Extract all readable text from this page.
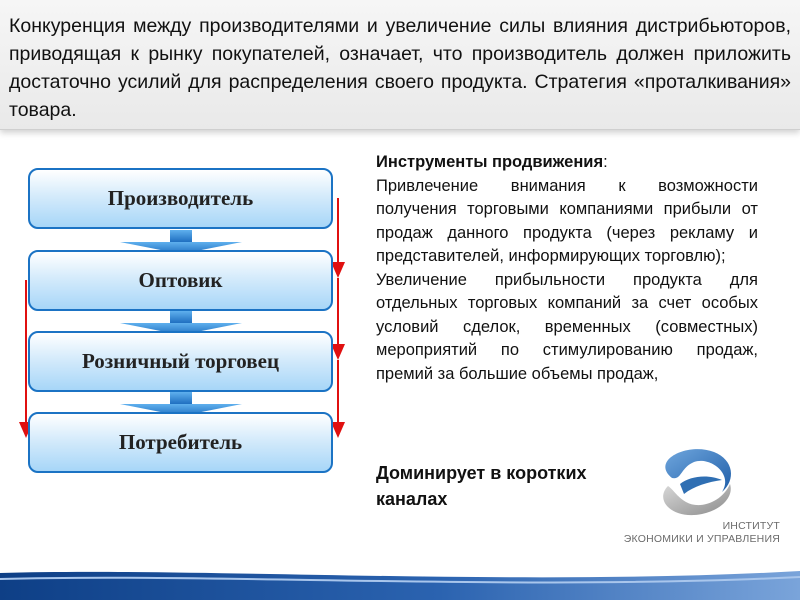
Конкуренция между производителями и увеличение силы влияния дистрибьюторов, приводящая к рынку покупателей, означает, что производитель должен приложить достаточно усилий для распределения своего продукта. Стратегия «проталкивания» товара.

Производитель
Оптовик
Розничный торговец
Потребитель
Инструменты продвижения:

Привлечение внимания к возможности получения торговыми компаниями прибыли от продаж данного продукта (через рекламу и представителей, информирующих торговлю);

Увеличение прибыльности продукта для отдельных торговых компаний за счет особых условий сделок, временных (совместных) мероприятий по стимулированию продаж, премий за большие объемы продаж,

Доминирует в коротких каналах
ИНСТИТУТ
ЭКОНОМИКИ И УПРАВЛЕНИЯ
